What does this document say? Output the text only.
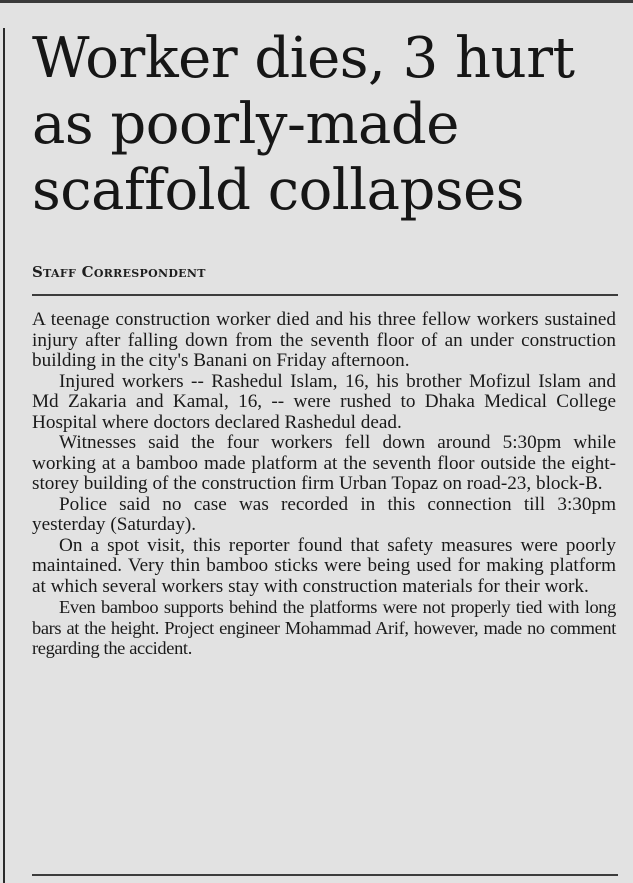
Worker dies, 3 hurt
as poorly-made
scaffold collapses
Staff Correspondent

A teenage construction worker died and his three fellow workers sustained injury after falling down from the seventh floor of an under construction building in the city's Banani on Friday afternoon.

Injured workers -- Rashedul Islam, 16, his brother Mofizul Islam and Md Zakaria and Kamal, 16, -- were rushed to Dhaka Medical College Hospital where doctors declared Rashedul dead.

Witnesses said the four workers fell down around 5:30pm while working at a bamboo made platform at the seventh floor outside the eight-storey building of the construction firm Urban Topaz on road-23, block-B.

Police said no case was recorded in this connection till 3:30pm yesterday (Saturday).

On a spot visit, this reporter found that safety measures were poorly maintained. Very thin bamboo sticks were being used for making platform at which several workers stay with construction materials for their work.

Even bamboo supports behind the platforms were not properly tied with long bars at the height. Project engineer Mohammad Arif, however, made no comment regarding the accident.
